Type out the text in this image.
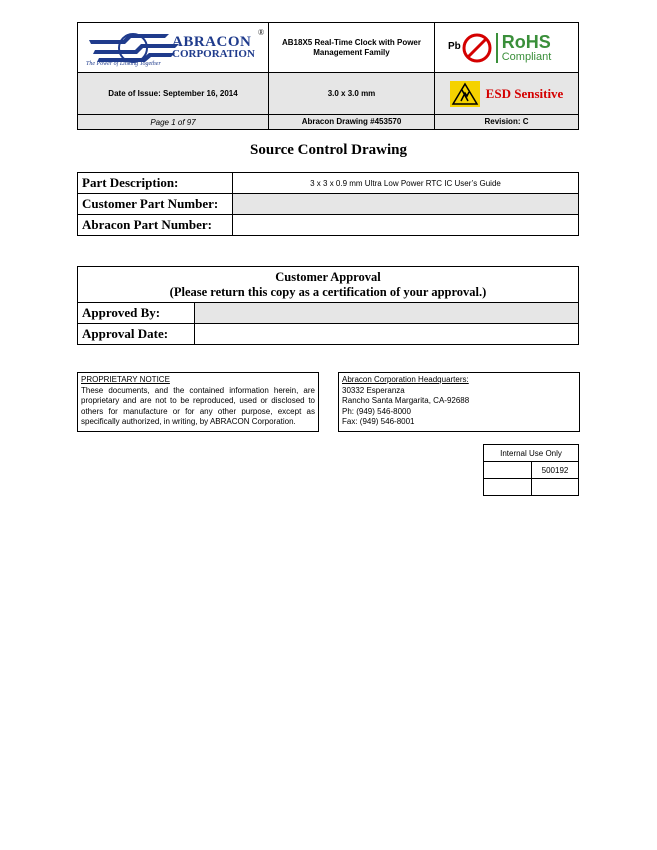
Date of Issue: September 16, 2014	3.0 x 3.0 mm	ESD Sensitive
ABRACON
CORPORATION
®
The Power of Linking Together
AB18X5 Real-Time Clock with Power Management Family
RoHS
Compliant
Pb
Page 1 of 97	Abracon Drawing #453570	Revision: C
Source Control Drawing
Part Description:	3 x 3 x 0.9 mm Ultra Low Power RTC IC User’s Guide
Customer Part Number:	
Abracon Part Number:	
Customer Approval
(Please return this copy as a certification of your approval.)	

Approved By:	
Approval Date:	
PROPRIETARY NOTICE
These documents, and the contained information herein, are
proprietary and are not to be reproduced, used or disclosed to
others for manufacture or for any other purpose, except as
specifically authorized, in writing, by ABRACON Corporation.
Abracon Corporation Headquarters:
30332 Esperanza
Rancho Santa Margarita, CA-92688
Ph: (949) 546-8000
Fax: (949) 546-8001
Internal Use Only	
	500192
